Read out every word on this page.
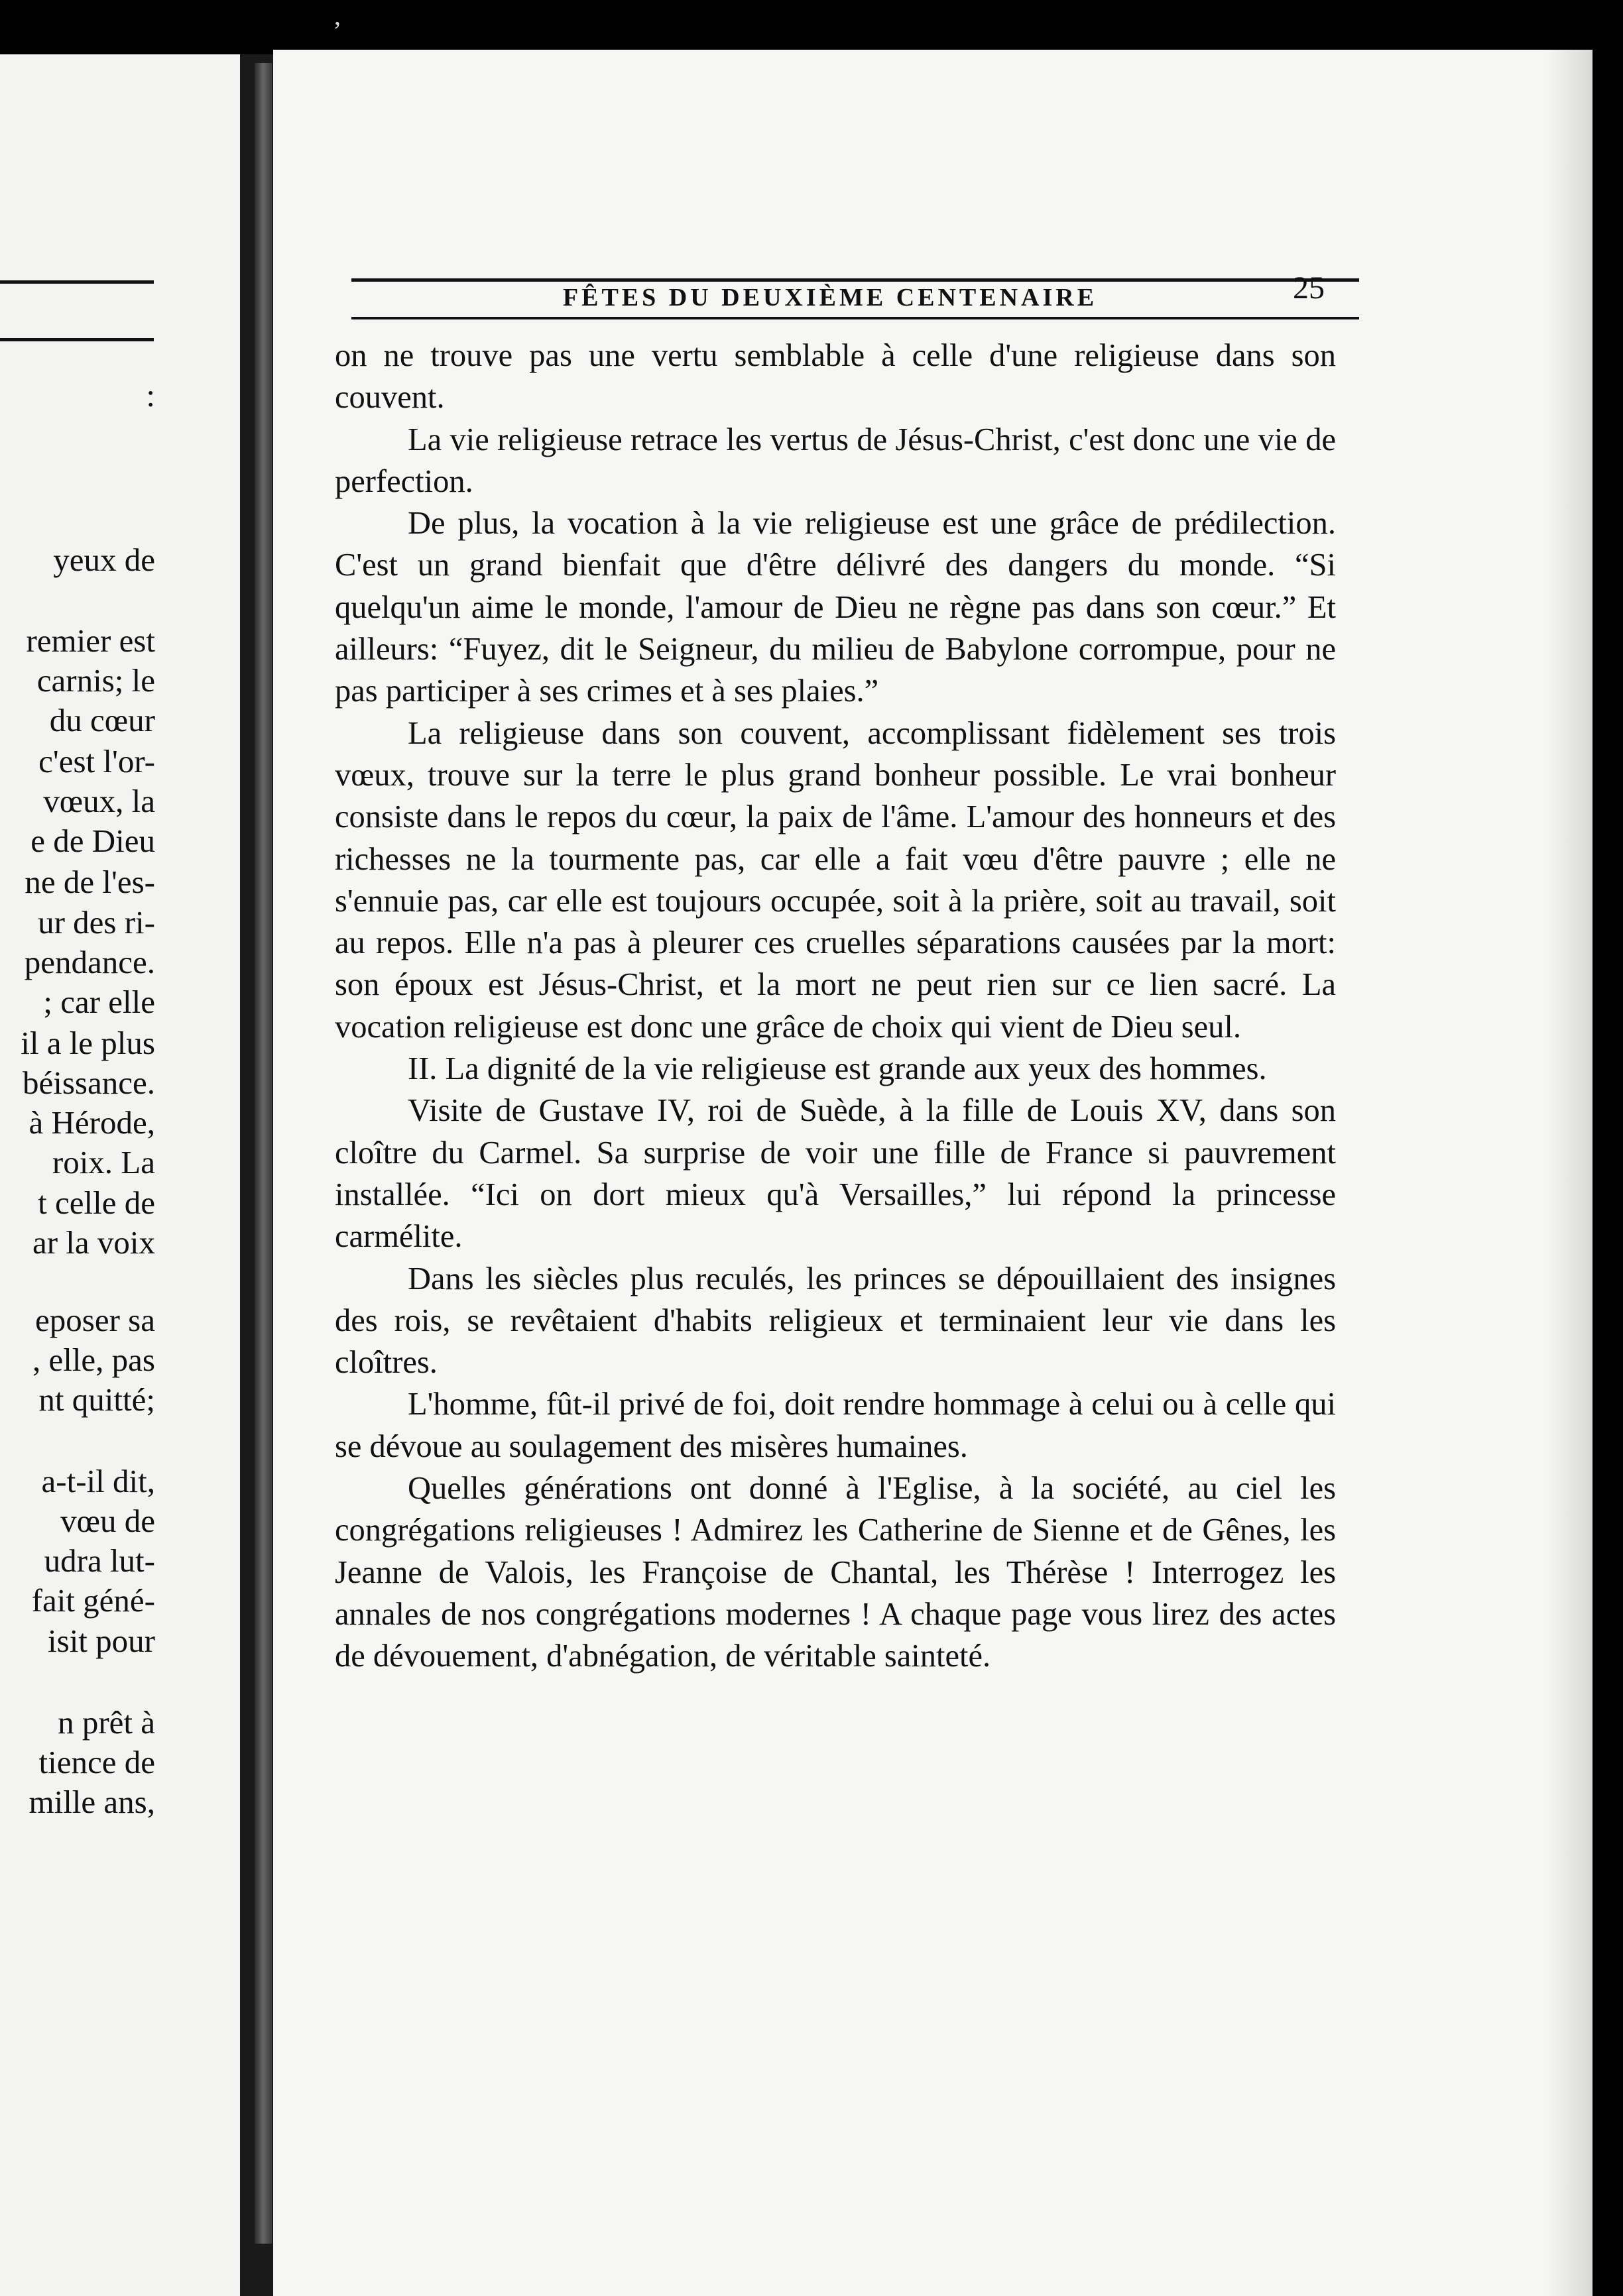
:
yeux de
remier est
carnis; le
du cœur
c'est l'or-
vœux, la
e de Dieu
ne de l'es-
ur des ri-
pendance.
; car elle
il a le plus
béissance.
à Hérode,
roix. La
t celle de
ar la voix
eposer sa
, elle, pas
nt quitté;
a-t-il dit,
vœu de
udra lut-
fait géné-
isit pour
n prêt à
tience de
mille ans,
FÊTES DU DEUXIÈME CENTENAIRE	25

on ne trouve pas une vertu semblable à celle d'une religieuse dans son couvent.

La vie religieuse retrace les vertus de Jésus-Christ, c'est donc une vie de perfection.

De plus, la vocation à la vie religieuse est une grâce de prédilection. C'est un grand bienfait que d'être délivré des dangers du monde. “Si quelqu'un aime le monde, l'amour de Dieu ne règne pas dans son cœur.” Et ailleurs: “Fuyez, dit le Seigneur, du milieu de Babylone corrompue, pour ne pas participer à ses crimes et à ses plaies.”

La religieuse dans son couvent, accomplissant fidèlement ses trois vœux, trouve sur la terre le plus grand bonheur possible. Le vrai bonheur consiste dans le repos du cœur, la paix de l'âme. L'amour des honneurs et des richesses ne la tourmente pas, car elle a fait vœu d'être pauvre ; elle ne s'ennuie pas, car elle est toujours occupée, soit à la prière, soit au travail, soit au repos. Elle n'a pas à pleurer ces cruelles séparations causées par la mort: son époux est Jésus-Christ, et la mort ne peut rien sur ce lien sacré. La vocation religieuse est donc une grâce de choix qui vient de Dieu seul.

II. La dignité de la vie religieuse est grande aux yeux des hommes.

Visite de Gustave IV, roi de Suède, à la fille de Louis XV, dans son cloître du Carmel. Sa surprise de voir une fille de France si pauvrement installée. “Ici on dort mieux qu'à Versailles,” lui répond la princesse carmélite.

Dans les siècles plus reculés, les princes se dépouillaient des insignes des rois, se revêtaient d'habits religieux et terminaient leur vie dans les cloîtres.

L'homme, fût-il privé de foi, doit rendre hommage à celui ou à celle qui se dévoue au soulagement des misères humaines.

Quelles générations ont donné à l'Eglise, à la société, au ciel les congrégations religieuses ! Admirez les Catherine de Sienne et de Gênes, les Jeanne de Valois, les Françoise de Chantal, les Thérèse ! Interrogez les annales de nos congrégations modernes ! A chaque page vous lirez des actes de dévouement, d'abnégation, de véritable sainteté.

‚
